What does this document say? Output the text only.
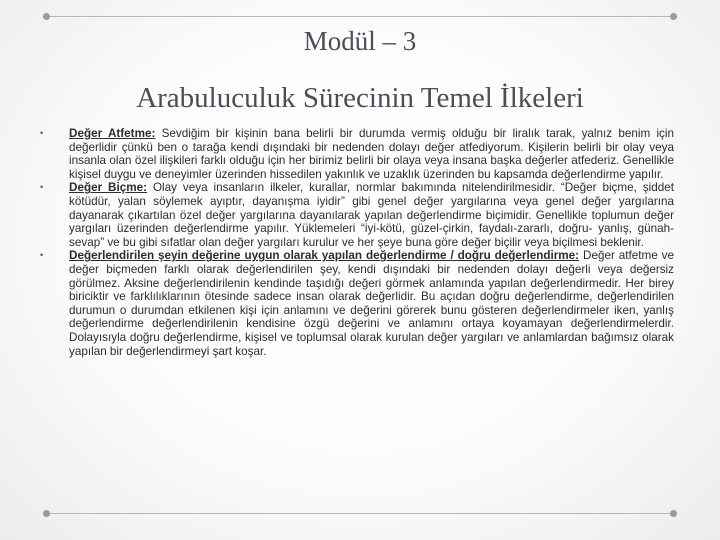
Modül – 3
Arabuluculuk Sürecinin Temel İlkeleri
• Değer Atfetme: Sevdiğim bir kişinin bana belirli bir durumda vermiş olduğu bir liralık tarak, yalnız benim için değerlidir çünkü ben o tarağa kendi dışındaki bir nedenden dolayı değer atfediyorum. Kişilerin belirli bir olay veya insanla olan özel ilişkileri farklı olduğu için her birimiz belirli bir olaya veya insana başka değerler atfederiz. Genellikle kişisel duygu ve deneyimler üzerinden hissedilen yakınlık ve uzaklık üzerinden bu kapsamda değerlendirme yapılır.
• Değer Biçme: Olay veya insanların ilkeler, kurallar, normlar bakımında nitelendirilmesidir. “Değer biçme, şiddet kötüdür, yalan söylemek ayıptır, dayanışma iyidir” gibi genel değer yargılarına veya genel değer yargılarına dayanarak çıkartılan özel değer yargılarına dayanılarak yapılan değerlendirme biçimidir. Genellikle toplumun değer yargıları üzerinden değerlendirme yapılır. Yüklemeleri “iyi-kötü, güzel-çirkin, faydalı-zararlı, doğru- yanlış, günah-sevap” ve bu gibi sıfatlar olan değer yargıları kurulur ve her şeye buna göre değer biçilir veya biçilmesi beklenir.
• Değerlendirilen şeyin değerine uygun olarak yapılan değerlendirme / doğru değerlendirme: Değer atfetme ve değer biçmeden farklı olarak değerlendirilen şey, kendi dışındaki bir nedenden dolayı değerli veya değersiz görülmez. Aksine değerlendirilenin kendinde taşıdığı değeri görmek anlamında yapılan değerlendirmedir. Her birey biriciktir ve farklılıklarının ötesinde sadece insan olarak değerlidir. Bu açıdan doğru değerlendirme, değerlendirilen durumun o durumdan etkilenen kişi için anlamını ve değerini görerek bunu gösteren değerlendirmeler iken, yanlış değerlendirme değerlendirilenin kendisine özgü değerini ve anlamını ortaya koyamayan değerlendirmelerdir. Dolayısıyla doğru değerlendirme, kişisel ve toplumsal olarak kurulan değer yargıları ve anlamlardan bağımsız olarak yapılan bir değerlendirmeyi şart koşar.
